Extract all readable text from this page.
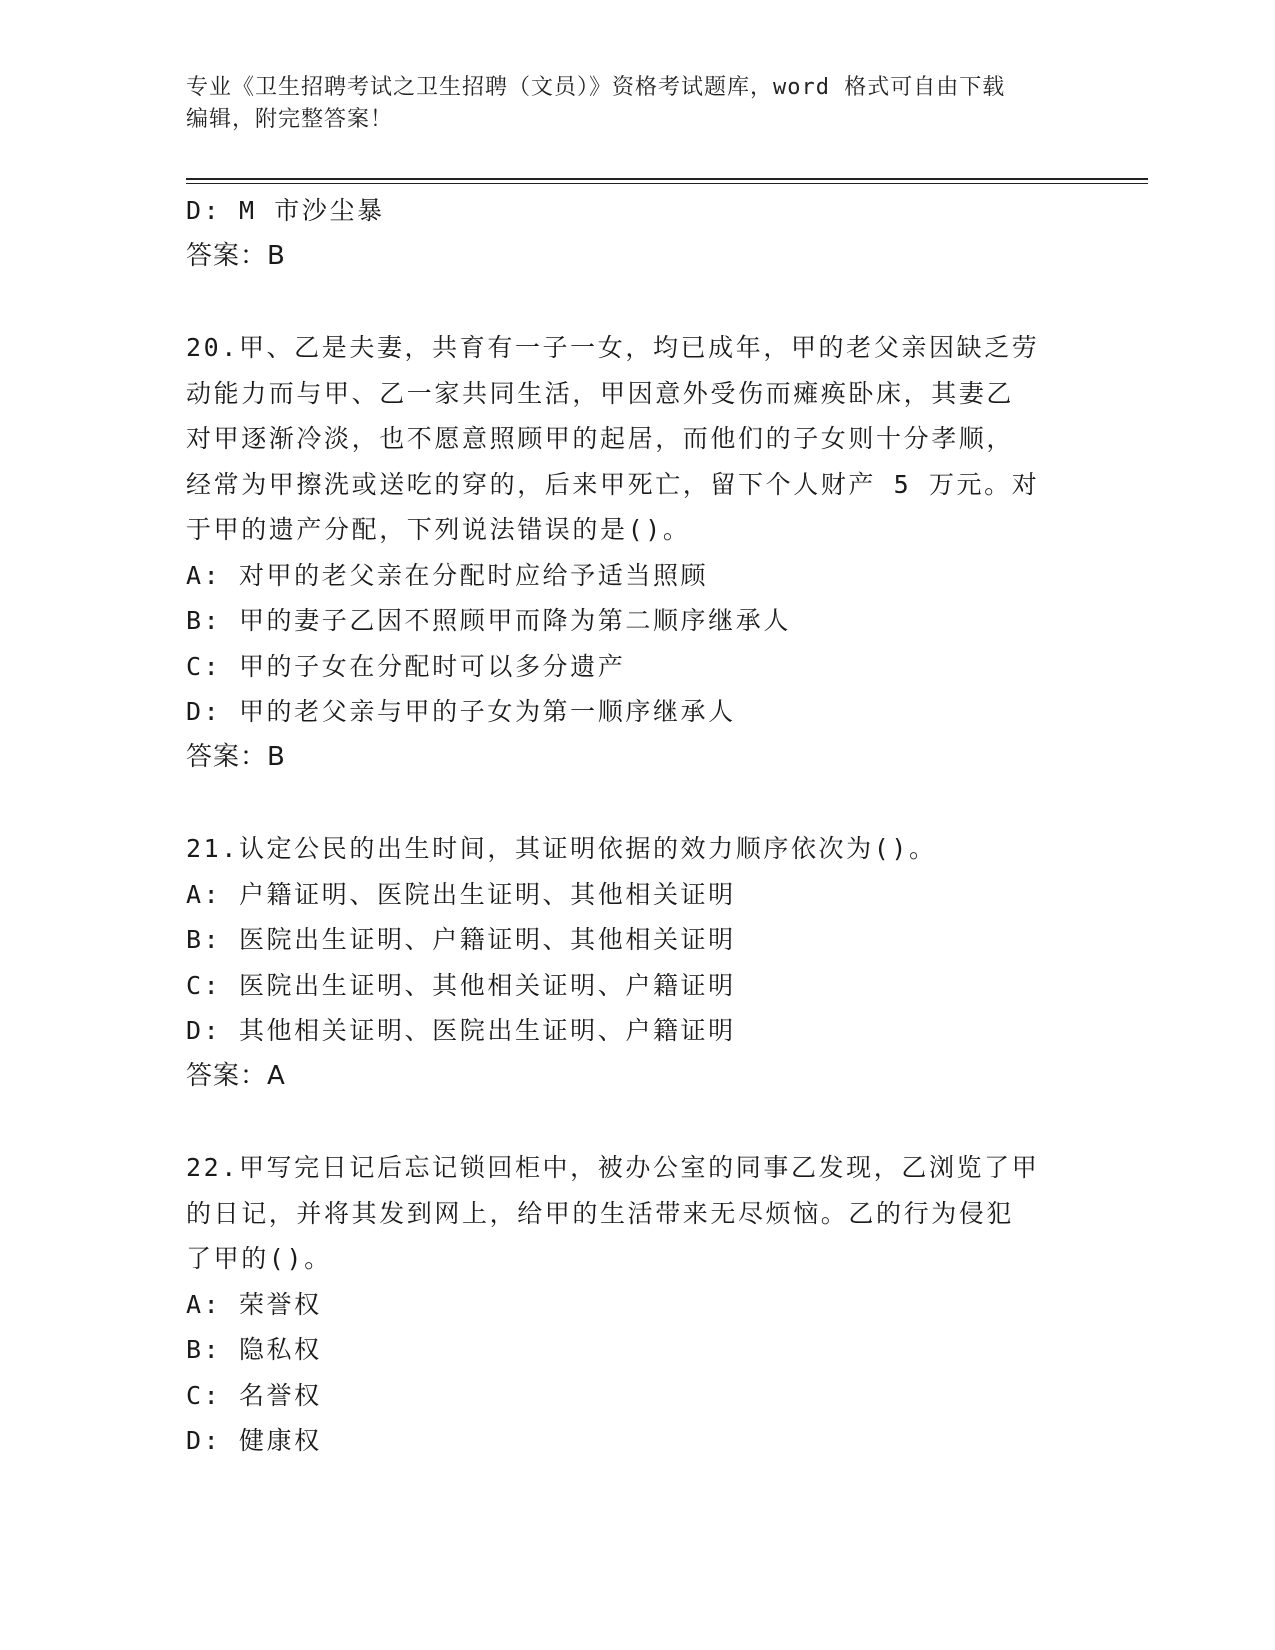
专业《卫生招聘考试之卫生招聘（文员）》资格考试题库，word 格式可自由下载
编辑，附完整答案！
D: M 市沙尘暴
答案：B
20.甲、乙是夫妻，共育有一子一女，均已成年，甲的老父亲因缺乏劳
动能力而与甲、乙一家共同生活，甲因意外受伤而瘫痪卧床，其妻乙
对甲逐渐冷淡，也不愿意照顾甲的起居，而他们的子女则十分孝顺，
经常为甲擦洗或送吃的穿的，后来甲死亡，留下个人财产 5 万元。对
于甲的遗产分配，下列说法错误的是()。
A: 对甲的老父亲在分配时应给予适当照顾
B: 甲的妻子乙因不照顾甲而降为第二顺序继承人
C: 甲的子女在分配时可以多分遗产
D: 甲的老父亲与甲的子女为第一顺序继承人
答案：B
21.认定公民的出生时间，其证明依据的效力顺序依次为()。
A: 户籍证明、医院出生证明、其他相关证明
B: 医院出生证明、户籍证明、其他相关证明
C: 医院出生证明、其他相关证明、户籍证明
D: 其他相关证明、医院出生证明、户籍证明
答案：A
22.甲写完日记后忘记锁回柜中，被办公室的同事乙发现，乙浏览了甲
的日记，并将其发到网上，给甲的生活带来无尽烦恼。乙的行为侵犯
了甲的()。
A: 荣誉权
B: 隐私权
C: 名誉权
D: 健康权
